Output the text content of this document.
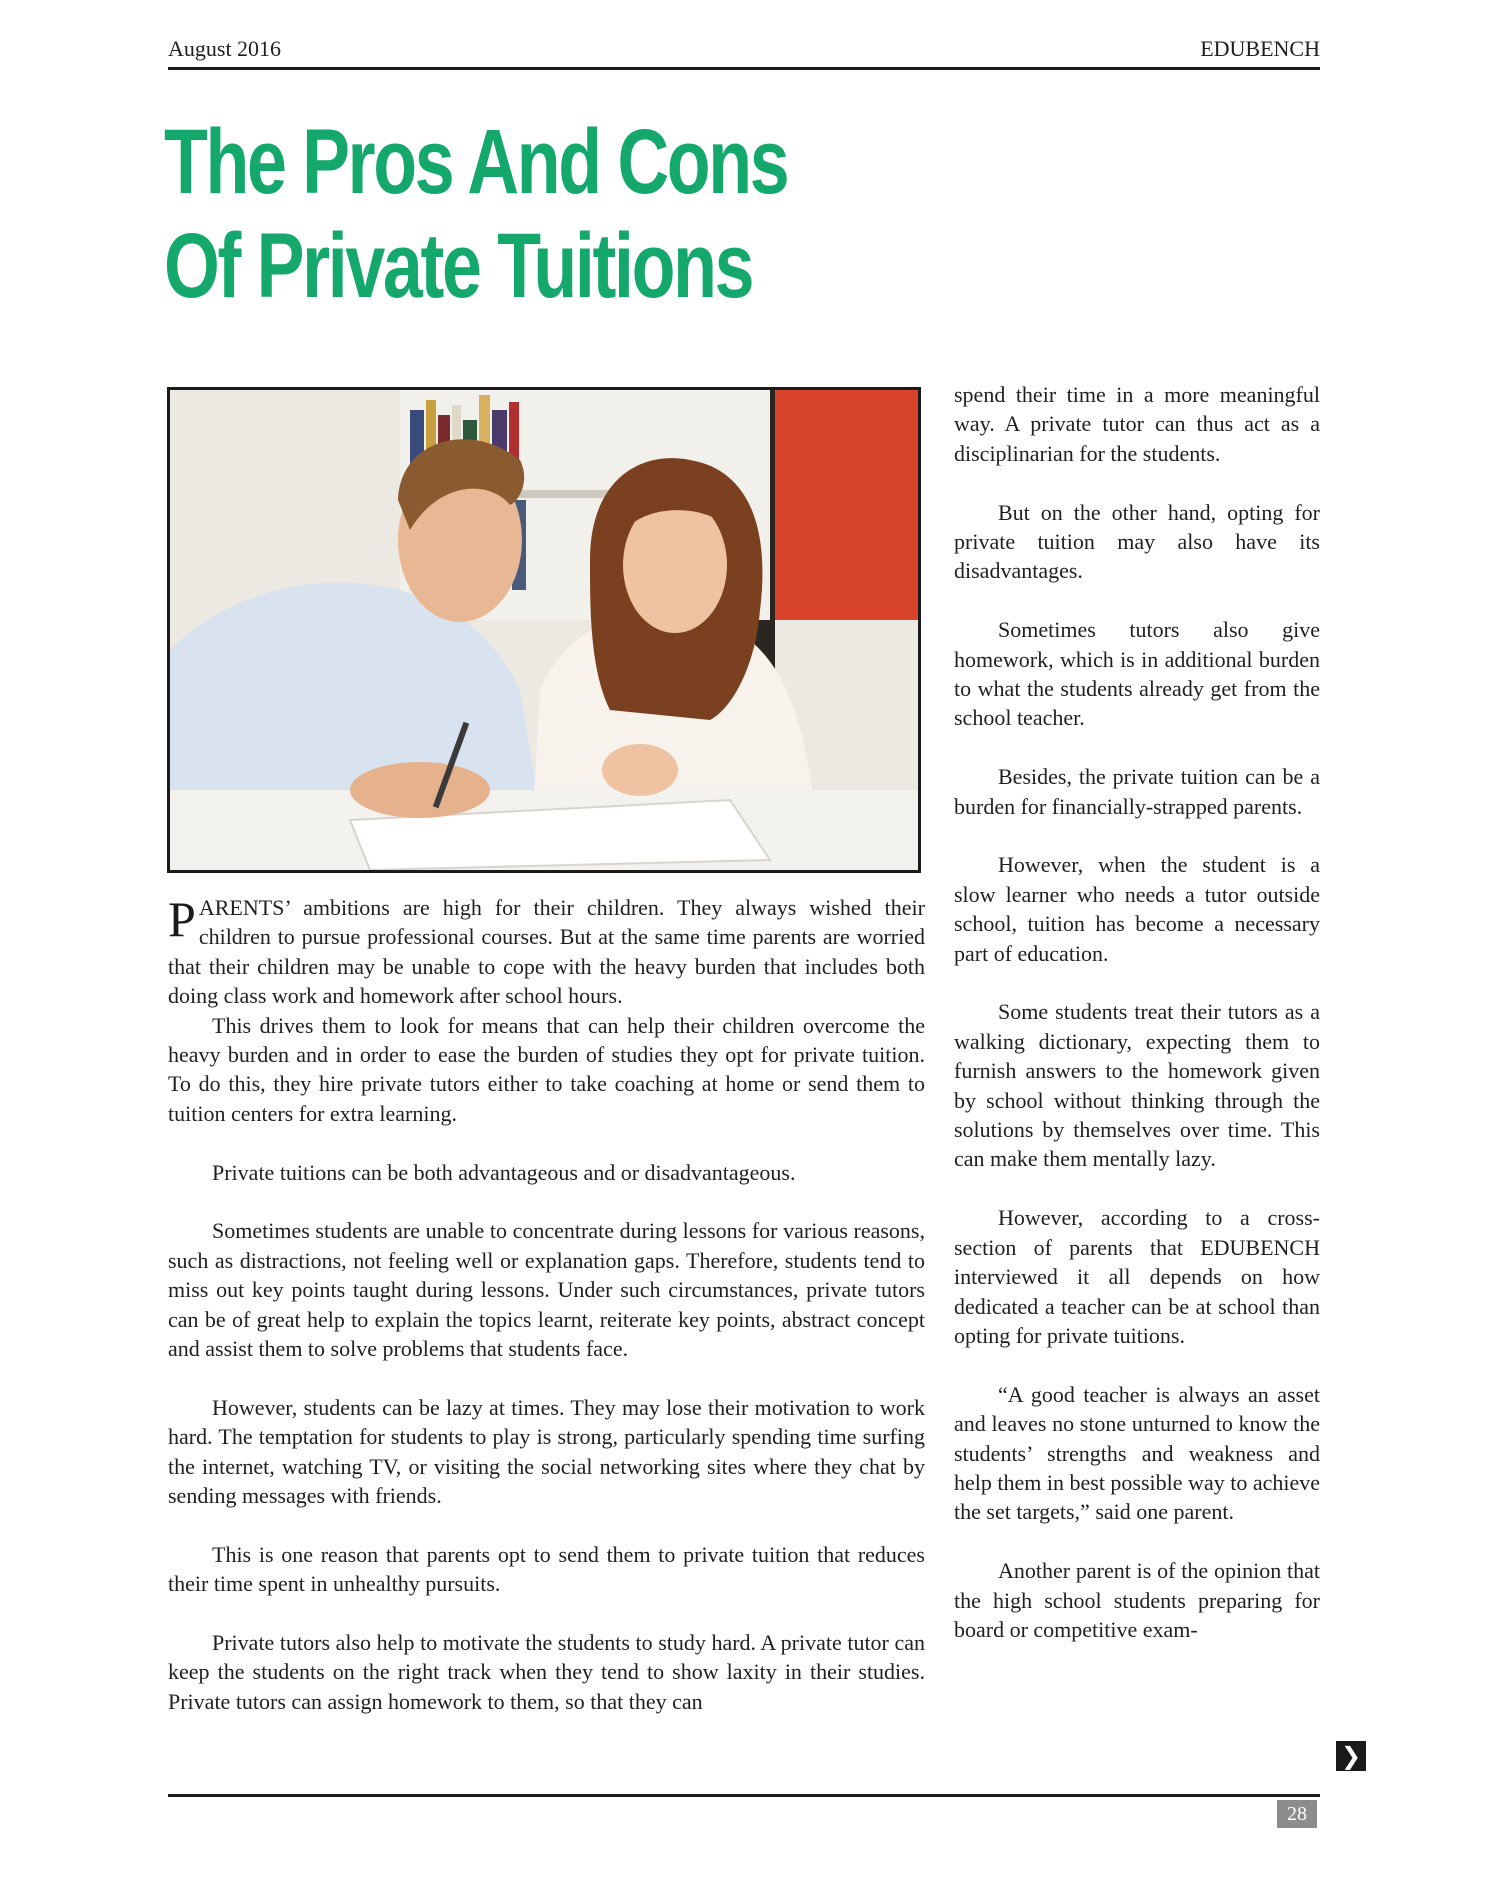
August 2016	EDUBENCH
The Pros And Cons
Of Private Tuitions

PARENTS’ ambitions are high for their children. They always wished their children to pursue professional courses. But at the same time parents are worried that their children may be unable to cope with the heavy burden that includes both doing class work and homework after school hours.

This drives them to look for means that can help their children overcome the heavy burden and in order to ease the burden of studies they opt for private tuition. To do this, they hire private tutors either to take coaching at home or send them to tuition centers for extra learning.

Private tuitions can be both advantageous and or disadvantageous.

Sometimes students are unable to concentrate during lessons for various reasons, such as distractions, not feeling well or explanation gaps. Therefore, students tend to miss out key points taught during lessons. Under such circumstances, private tutors can be of great help to explain the topics learnt, reiterate key points, abstract concept and assist them to solve problems that students face.

However, students can be lazy at times. They may lose their motivation to work hard. The temptation for students to play is strong, particularly spending time surfing the internet, watching TV, or visiting the social networking sites where they chat by sending messages with friends.

This is one reason that parents opt to send them to private tuition that reduces their time spent in unhealthy pursuits.

Private tutors also help to motivate the students to study hard. A private tutor can keep the students on the right track when they tend to show laxity in their studies. Private tutors can assign homework to them, so that they can

spend their time in a more meaningful way. A private tutor can thus act as a disciplinarian for the students.

But on the other hand, opting for private tuition may also have its disadvantages.

Sometimes tutors also give homework, which is in additional burden to what the students already get from the school teacher.

Besides, the private tuition can be a burden for financially-strapped parents.

However, when the student is a slow learner who needs a tutor outside school, tuition has become a necessary part of education.

Some students treat their tutors as a walking dictionary, expecting them to furnish answers to the homework given by school without thinking through the solutions by themselves over time. This can make them mentally lazy.

However, according to a cross-section of parents that EDUBENCH interviewed it all depends on how dedicated a teacher can be at school than opting for private tuitions.

“A good teacher is always an asset and leaves no stone unturned to know the students’ strengths and weakness and help them in best possible way to achieve the set targets,” said one parent.

Another parent is of the opinion that the high school students preparing for board or competitive exam-

❯
28
